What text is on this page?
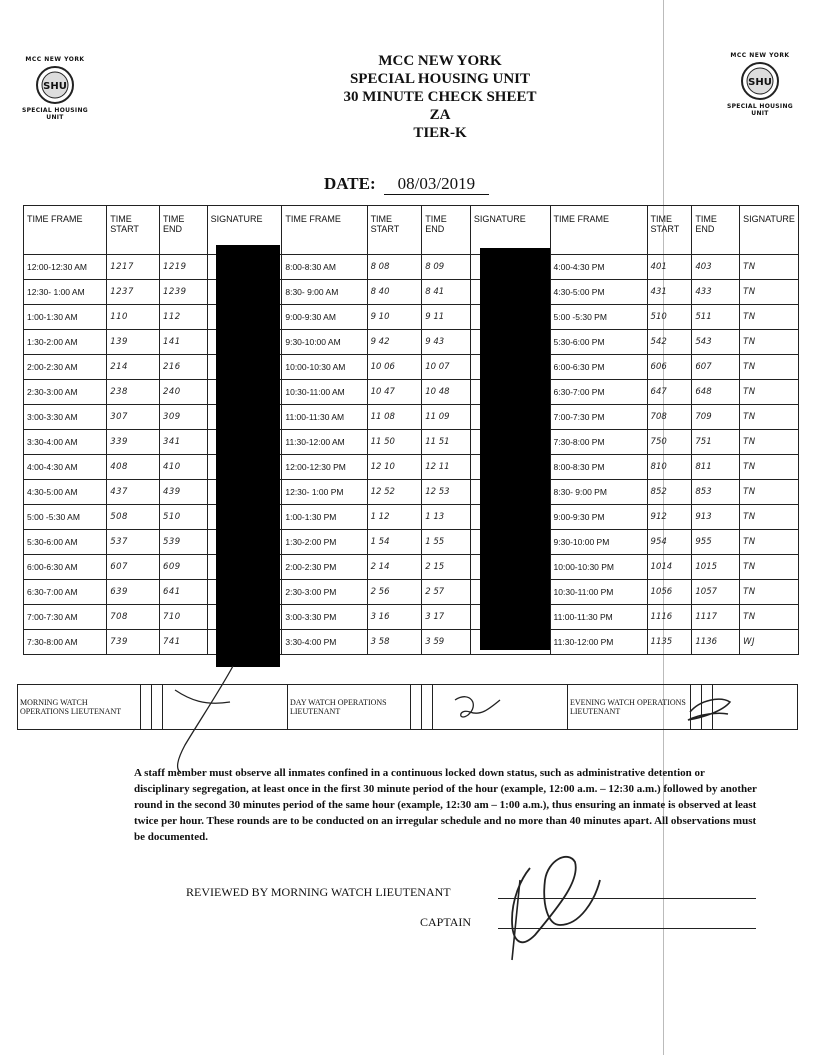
MCC NEW YORK
SHU
SPECIAL HOUSING UNIT
MCC NEW YORK
SHU
SPECIAL HOUSING UNIT
MCC NEW YORK
SPECIAL HOUSING UNIT
30 MINUTE CHECK SHEET
ZA
TIER-K
DATE: 08/03/2019
TIME FRAME	TIME START	TIME END	SIGNATURE	TIME FRAME	TIME START	TIME END	SIGNATURE	TIME FRAME	TIME START	TIME END	SIGNATURE
12:00-12:30 AM	1217	1219		8:00-8:30 AM	8 08	8 09		4:00-4:30 PM	401	403	TN
12:30- 1:00 AM	1237	1239		8:30- 9:00 AM	8 40	8 41		4:30-5:00 PM	431	433	TN
1:00-1:30 AM	110	112		9:00-9:30 AM	9 10	9 11		5:00 -5:30 PM	510	511	TN
1:30-2:00 AM	139	141		9:30-10:00 AM	9 42	9 43		5:30-6:00 PM	542	543	TN
2:00-2:30 AM	214	216		10:00-10:30 AM	10 06	10 07		6:00-6:30 PM	606	607	TN
2:30-3:00 AM	238	240		10:30-11:00 AM	10 47	10 48		6:30-7:00 PM	647	648	TN
3:00-3:30 AM	307	309		11:00-11:30 AM	11 08	11 09		7:00-7:30 PM	708	709	TN
3:30-4:00 AM	339	341		11:30-12:00 AM	11 50	11 51		7:30-8:00 PM	750	751	TN
4:00-4:30 AM	408	410		12:00-12:30 PM	12 10	12 11		8:00-8:30 PM	810	811	TN
4:30-5:00 AM	437	439		12:30- 1:00 PM	12 52	12 53		8:30- 9:00 PM	852	853	TN
5:00 -5:30 AM	508	510		1:00-1:30 PM	1 12	1 13		9:00-9:30 PM	912	913	TN
5:30-6:00 AM	537	539		1:30-2:00 PM	1 54	1 55		9:30-10:00 PM	954	955	TN
6:00-6:30 AM	607	609		2:00-2:30 PM	2 14	2 15		10:00-10:30 PM	1014	1015	TN
6:30-7:00 AM	639	641		2:30-3:00 PM	2 56	2 57		10:30-11:00 PM	1056	1057	TN
7:00-7:30 AM	708	710		3:00-3:30 PM	3 16	3 17		11:00-11:30 PM	1116	1117	TN
7:30-8:00 AM	739	741		3:30-4:00 PM	3 58	3 59		11:30-12:00 PM	1135	1136	WJ
MORNING WATCH OPERATIONS LIEUTENANT				DAY WATCH OPERATIONS LIEUTENANT				EVENING WATCH OPERATIONS LIEUTENANT			
A staff member must observe all inmates confined in a continuous locked down status, such as administrative detention or disciplinary segregation, at least once in the first 30 minute period of the hour (example, 12:00 a.m. – 12:30 a.m.) followed by another round in the second 30 minutes period of the same hour (example, 12:30 am – 1:00 a.m.), thus ensuring an inmate is observed at least twice per hour. These rounds are to be conducted on an irregular schedule and no more than 40 minutes apart. All observations must be documented.
REVIEWED BY MORNING WATCH LIEUTENANT
CAPTAIN
